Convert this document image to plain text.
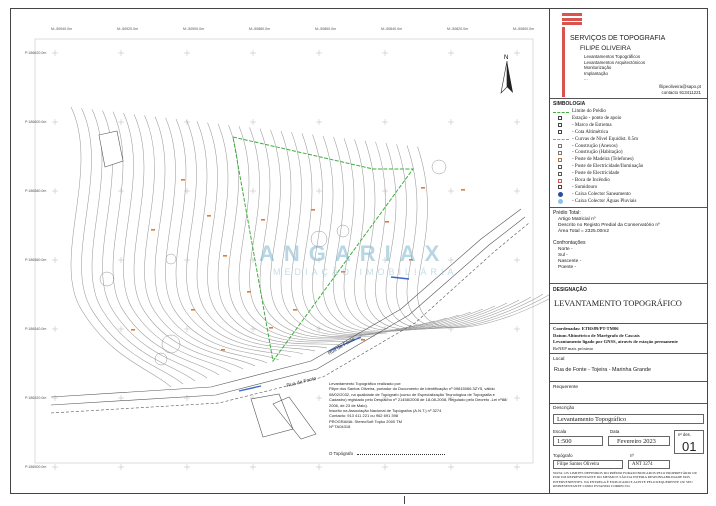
N
Rua da Fonte
Rua da Fonte
P:186620.0m
P:186600.0m
P:186580.0m
P:186560.0m
P:186540.0m
P:186520.0m
P:186500.0m
M:-50940.0m	M:-50920.0m	M:-50900.0m	M:-50880.0m	M:-50860.0m	M:-50840.0m	M:-50820.0m	M:-50800.0m
ANGARIAX
MEDIAÇÃO IMOBILIÁRIA
Levantamento Topográfico realizado por:
Filipe dos Santos Oliveira, portador do Documento de Identificação nº 09815066 3ZY5, válido
08/02/2032, na qualidade de Topógrafo (curso de Especialização Tecnológica de Topografia e
Cadastro) registado pelo Despacho nº 21458/2008 de 18-08-2008, Regulado pelo Decreto -Lei nº88/
2006, de 23 de Maio).
Inscrito na Associação Nacional de Topógrafos (A.N.T.) nº 3274
Contacto: 913 411 221 ou 962 691 398
PROGRAMA: StereoSoft Topko 2000 TM
Nº TA04318
O Topógrafo
SERVIÇOS DE TOPOGRAFIA
FILIPE OLIVEIRA
Levantamentos Topográficos
Levantamentos Arquitectónicos
Monitorização
Implantação
...
filipeoliveira@sapo.pt
contacto 913411221
SIMBOLOGIA
Limite do Prédio
Estação - ponto de apoio
- Marco de Estrema
- Cota Altimétrica
- Curvas de Nível Equidist. 0.5m
- Construção (Anexos)
- Construção (Habitação)
- Poste de Madeira (Telefones)
- Poste de Electricidade/Iluminação
- Poste de Electricidade
- Boca de Incêndio
- Sumidouro
- Caixa Colector Saneamento
- Caixa Colector Águas Pluviais
Prédio Total:
Artigo Matricial nº
Descrito no Registo Predial da Conservatório nº
Área Total = 2325.00m2
Confrontações
Norte -
Sul -
Nascente -
Poente -
DESIGNAÇÃO
LEVANTAMENTO TOPOGRÁFICO
Coordenadas: ETRS89/PT-TM06
Datum Altimétrico de Marégrafo de Cascais
Levantamento ligado por GNSS, através de estação permanente
ReNEP mais próximo
Local
Rua de Fonte - Tojeira - Marinha Grande
Requerente
Descrição
Levantamento Topográfico
Escala
1:500
Data
Fevereiro 2023
nº des.
01
Topógrafo
Filipe Santos Oliveira
nº
ANT 3274
NOTA: OS LIMITES DEFINIDOS DO PRÉDIO FORAM INDICADOS PELO PROPRIETÁRIO OU POR UM REPRESENTANTE DO MESMO E SÃO DA INTEIRA RESPONSABILIDADE DOS INTERVENIENTES. NA ENTREGA É EXPLICADO E ACEITE PELO REQUERENTE OU SEU REPRESENTANTE COMO ESTANDO CORRECTO.
